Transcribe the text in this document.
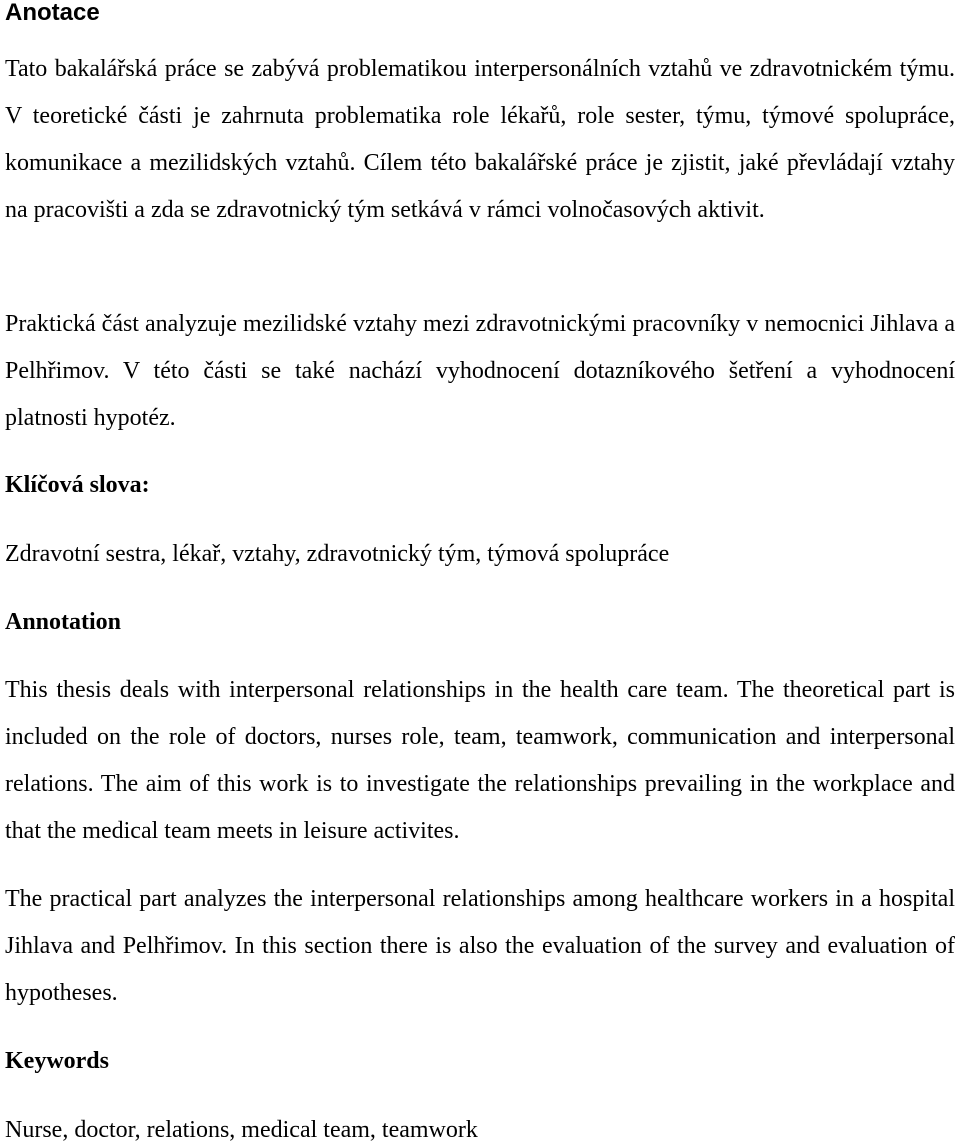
Anotace

Tato bakalářská práce se zabývá problematikou interpersonálních vztahů ve zdravotnickém týmu. V teoretické části je zahrnuta problematika role lékařů, role sester, týmu, týmové spolupráce, komunikace a mezilidských vztahů. Cílem této bakalářské práce je zjistit, jaké převládají vztahy na pracovišti a zda se zdravotnický tým setkává v rámci volnočasových aktivit.

Praktická část analyzuje mezilidské vztahy mezi zdravotnickými pracovníky v nemocnici Jihlava a Pelhřimov. V této části se také nachází vyhodnocení dotazníkového šetření a vyhodnocení platnosti hypotéz.

Klíčová slova:

Zdravotní sestra, lékař, vztahy, zdravotnický tým, týmová spolupráce

Annotation

This thesis deals with interpersonal relationships in the health care team. The theoretical part is included on the role of doctors, nurses role, team, teamwork, communication and interpersonal relations. The aim of this work is to investigate the relationships prevailing in the workplace and that the medical team meets in leisure activites.

The practical part analyzes the interpersonal relationships among healthcare workers in a hospital Jihlava and Pelhřimov. In this section there is also the evaluation of the survey and evaluation of hypotheses.

Keywords

Nurse, doctor, relations, medical team, teamwork
